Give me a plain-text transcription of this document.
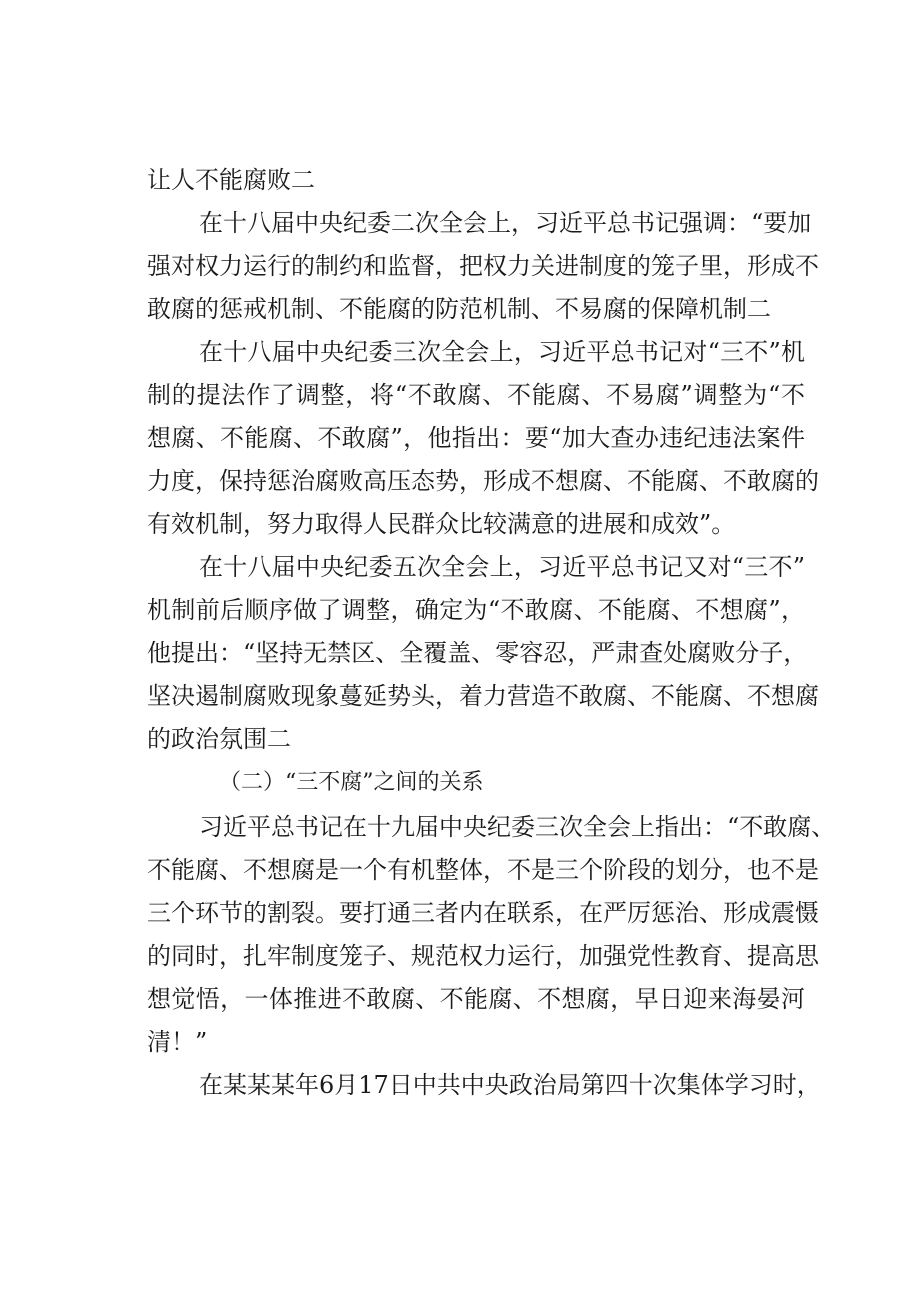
让人不能腐败二
在十八届中央纪委二次全会上，习近平总书记强调：“要加
强对权力运行的制约和监督，把权力关进制度的笼子里，形成不
敢腐的惩戒机制、不能腐的防范机制、不易腐的保障机制二
在十八届中央纪委三次全会上，习近平总书记对“三不”机
制的提法作了调整，将“不敢腐、不能腐、不易腐”调整为“不
想腐、不能腐、不敢腐”，他指出：要“加大查办违纪违法案件
力度，保持惩治腐败高压态势，形成不想腐、不能腐、不敢腐的
有效机制，努力取得人民群众比较满意的进展和成效”。
在十八届中央纪委五次全会上，习近平总书记又对“三不”
机制前后顺序做了调整，确定为“不敢腐、不能腐、不想腐”，
他提出：“坚持无禁区、全覆盖、零容忍，严肃查处腐败分子，
坚决遏制腐败现象蔓延势头，着力营造不敢腐、不能腐、不想腐
的政治氛围二
（二）“三不腐”之间的关系
习近平总书记在十九届中央纪委三次全会上指出：“不敢腐、
不能腐、不想腐是一个有机整体，不是三个阶段的划分，也不是
三个环节的割裂。要打通三者内在联系，在严厉惩治、形成震慑
的同时，扎牢制度笼子、规范权力运行，加强党性教育、提高思
想觉悟，一体推进不敢腐、不能腐、不想腐，早日迎来海晏河
清！”
在某某某年6月17日中共中央政治局第四十次集体学习时，
